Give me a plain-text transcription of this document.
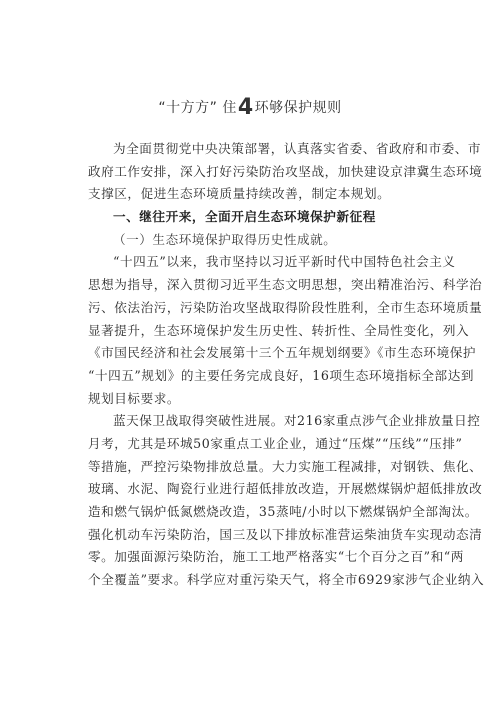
“十方方” 住4环够保护规则
为全面贯彻党中央决策部署，认真落实省委、省政府和市委、市
政府工作安排，深入打好污染防治攻坚战，加快建设京津冀生态环境
支撑区，促进生态环境质量持续改善，制定本规划。
一、继往开来，全面开启生态环境保护新征程
（一）生态环境保护取得历史性成就。
“十四五”以来，我市坚持以习近平新时代中国特色社会主义
思想为指导，深入贯彻习近平生态文明思想，突出精准治污、科学治
污、依法治污，污染防治攻坚战取得阶段性胜利，全市生态环境质量
显著提升，生态环境保护发生历史性、转折性、全局性变化，列入
《市国民经济和社会发展第十三个五年规划纲要》《市生态环境保护
“十四五”规划》的主要任务完成良好，16项生态环境指标全部达到
规划目标要求。
蓝天保卫战取得突破性进展。对216家重点涉气企业排放量日控
月考，尤其是环城50家重点工业企业，通过“压煤”“压线”“压排”
等措施，严控污染物排放总量。大力实施工程减排，对钢铁、焦化、
玻璃、水泥、陶瓷行业进行超低排放改造，开展燃煤锅炉超低排放改
造和燃气锅炉低氮燃烧改造，35蒸吨/小时以下燃煤锅炉全部淘汰。
强化机动车污染防治，国三及以下排放标准营运柴油货车实现动态清
零。加强面源污染防治，施工工地严格落实“七个百分之百”和“两
个全覆盖”要求。科学应对重污染天气，将全市6929家涉气企业纳入
